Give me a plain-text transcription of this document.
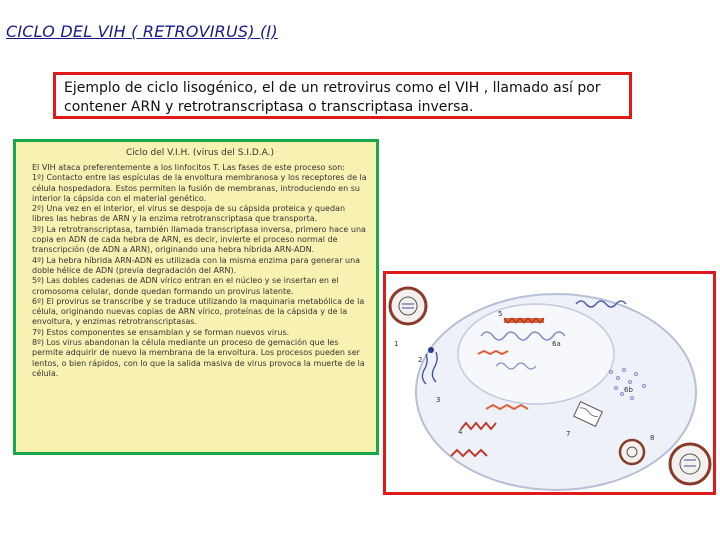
CICLO DEL VIH ( RETROVIRUS) (I)
Ejemplo de ciclo lisogénico, el de un retrovirus como el VIH , llamado así por contener ARN y retrotranscriptasa o transcriptasa inversa.
Ciclo del V.I.H. (virus del S.I.D.A.)

El VIH ataca preferentemente a los linfocitos T. Las fases de este proceso son:

1º) Contacto entre las espículas de la envoltura membranosa y los receptores de la célula hospedadora. Estos permiten la fusión de membranas, introduciendo en su interior la cápsida con el material genético.

2º) Una vez en el interior, el virus se despoja de su cápsida proteica y quedan libres las hebras de ARN y la enzima retrotranscriptasa que transporta.

3º) La retrotranscriptasa, también llamada transcriptasa inversa, primero hace una copia en ADN de cada hebra de ARN, es decir, invierte el proceso normal de transcripción (de ADN a ARN), originando una hebra híbrida ARN-ADN.

4º) La hebra híbrida ARN-ADN es utilizada con la misma enzima para generar una doble hélice de ADN (previa degradación del ARN).

5º) Las dobles cadenas de ADN vírico entran en el núcleo y se insertan en el cromosoma celular, donde quedan formando un provirus latente.

6º) El provirus se transcribe y se traduce utilizando la maquinaria metabólica de la célula, originando nuevas copias de ARN vírico, proteínas de la cápsida y de la envoltura, y enzimas retrotranscriptasas.

7º) Estos componentes se ensamblan y se forman nuevos virus.

8º) Los virus abandonan la célula mediante un proceso de gemación que les permite adquirir de nuevo la membrana de la envoltura. Los procesos pueden ser lentos, o bien rápidos, con lo que la salida masiva de virus provoca la muerte de la célula.

1
2
3
4
5
6a
6b
7	8
